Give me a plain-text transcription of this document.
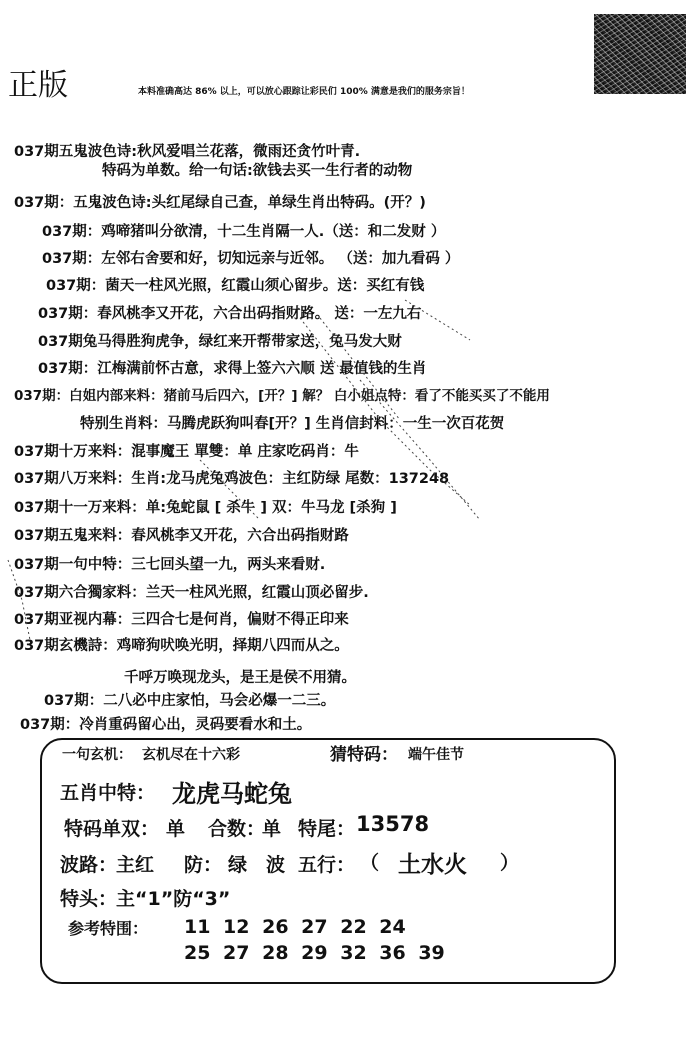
正版	本料准确高达 86% 以上，可以放心跟踪让彩民们 100% 满意是我们的服务宗旨！
037期五鬼波色诗:秋风爱唱兰花落，微雨还贪竹叶青.
特码为单数。给一句话:欲钱去买一生行者的动物
037期：五鬼波色诗:头红尾绿自己查，单绿生肖出特码。(开？)
037期：鸡啼猪叫分欲清，十二生肖隔一人.（送：和二发财 ）
037期：左邻右舍要和好，切知远亲与近邻。 （送：加九看码 ）
037期：菌天一柱风光照，红霞山须心留步。送：买红有钱
037期：春风桃李又开花，六合出码指财路。 送：一左九右
037期兔马得胜狗虎争，绿红来开帮带家送，兔马发大财
037期：江梅满前怀古意，求得上签六六顺 送 最值钱的生肖
037期：白姐内部来料：猪前马后四六，[开？] 解？ 白小姐点特：看了不能买买了不能用
特别生肖料：马腾虎跃狗叫春[开？] 生肖信封料：一生一次百花贺
037期十万来料：混事魔王 單雙：单 庄家吃码肖：牛
037期八万来料：生肖:龙马虎兔鸡波色：主红防绿 尾数：137248
037期十一万来料：单:兔蛇鼠 [ 杀牛 ] 双：牛马龙 [杀狗 ]
037期五鬼来料：春风桃李又开花，六合出码指财路
037期一句中特：三七回头望一九，两头来看财.
037期六合獨家料：兰天一柱风光照，红霞山顶必留步.
037期亚视内幕：三四合七是何肖，偏财不得正印来
037期玄機詩：鸡啼狗吠唤光明，择期八四而从之。
千呼万唤现龙头，是王是侯不用猜。
037期：二八必中庄家怕，马会必爆一二三。
037期：冷肖重码留心出，灵码要看水和土。
一句玄机： 玄机尽在十六彩	猜特码： 端午佳节
五肖中特： 龙虎马蛇兔
特码单双： 单 合数：
单 特尾： 13578
波路：
主红 防： 绿 波 五行： （ 土水火 ）
特头：
主“1”防“3”
参考特围： 11 12 26 27 22 24
25 27 28 29 32 36 39
